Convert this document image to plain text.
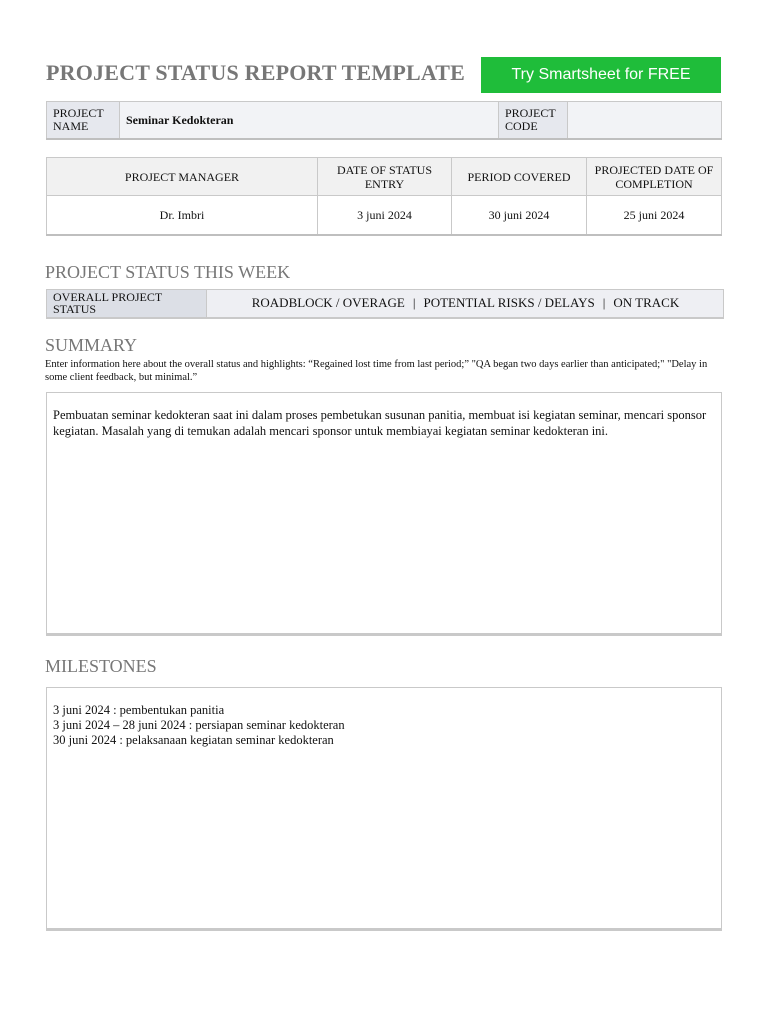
PROJECT STATUS REPORT TEMPLATE	Try Smartsheet for FREE
PROJECT NAME	Seminar Kedokteran	PROJECT CODE	
PROJECT MANAGER	DATE OF STATUS ENTRY	PERIOD COVERED	PROJECTED DATE OF COMPLETION
Dr. Imbri	3 juni 2024	30 juni 2024	25 juni 2024
PROJECT STATUS THIS WEEK
OVERALL PROJECT STATUS	ROADBLOCK / OVERAGE | POTENTIAL RISKS / DELAYS | ON TRACK
SUMMARY
Enter information here about the overall status and highlights: “Regained lost time from last period;” "QA began two days earlier than anticipated;" "Delay in some client feedback, but minimal.”
Pembuatan seminar kedokteran saat ini dalam proses pembetukan susunan panitia, membuat isi kegiatan seminar, mencari sponsor kegiatan. Masalah yang di temukan adalah mencari sponsor untuk membiayai kegiatan seminar kedokteran ini.
MILESTONES
3 juni 2024 : pembentukan panitia
3 juni 2024 – 28 juni 2024 : persiapan seminar kedokteran
30 juni 2024 : pelaksanaan kegiatan seminar kedokteran
